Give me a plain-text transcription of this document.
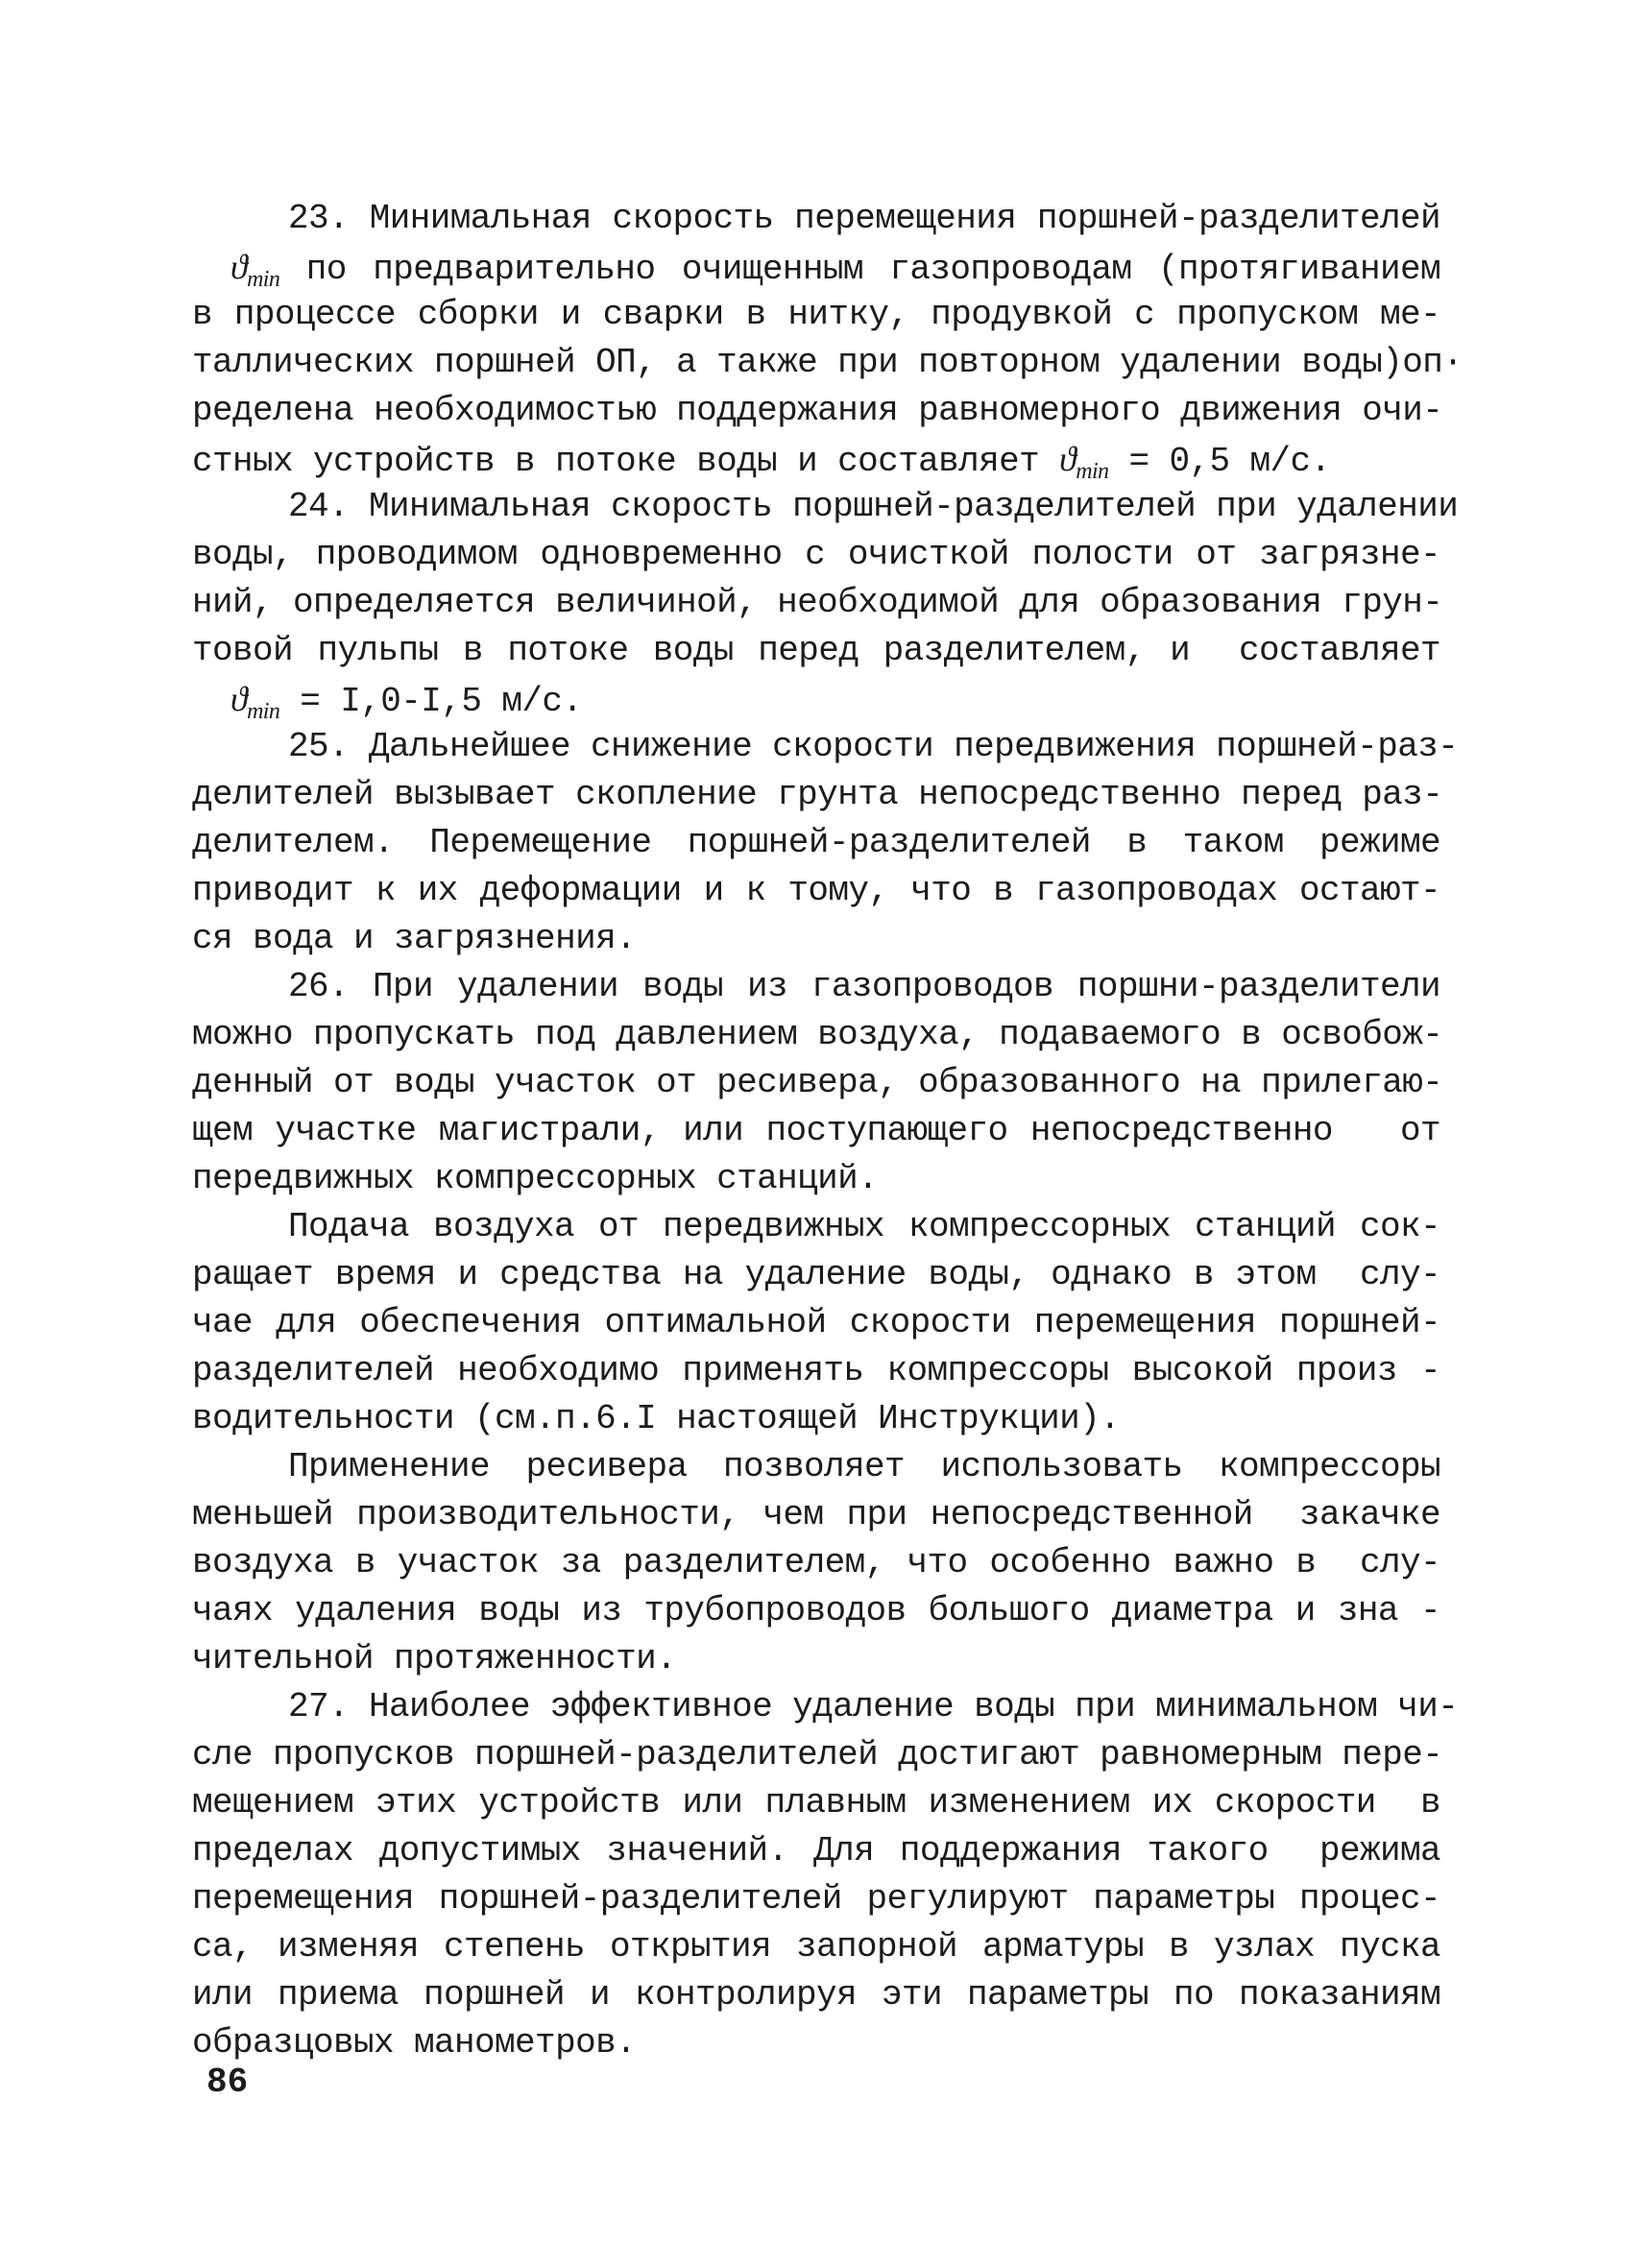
23. Минимальная скорость перемещения поршней-разделителей
$ϑ_{min}$ по предварительно очищенным газопроводам (протягиванием
в процессе сборки и сварки в нитку, продувкой с пропуском ме-
таллических поршней ОП, а также при повторном удалении воды)оп·
ределена необходимостью поддержания равномерного движения очи-
стных устройств в потоке воды и составляет $ϑ_{min} = 0,5$ м/с.
24. Минимальная скорость поршней-разделителей при удалении
воды, проводимом одновременно с очисткой полости от загрязне-
ний, определяется величиной, необходимой для образования грун-
товой пульпы в потоке воды перед разделителем, и  составляет
$ϑ_{min} = I,0-I,5$ м/с.
25. Дальнейшее снижение скорости передвижения поршней-раз-
делителей вызывает скопление грунта непосредственно перед раз-
делителем. Перемещение поршней-разделителей в таком режиме
приводит к их деформации и к тому, что в газопроводах остают-
ся вода и загрязнения.
26. При удалении воды из газопроводов поршни-разделители
можно пропускать под давлением воздуха, подаваемого в освобож-
денный от воды участок от ресивера, образованного на прилегаю-
щем участке магистрали, или поступающего непосредственно   от
передвижных компрессорных станций.
Подача воздуха от передвижных компрессорных станций сок-
ращает время и средства на удаление воды, однако в этом  слу-
чае для обеспечения оптимальной скорости перемещения поршней-
разделителей необходимо применять компрессоры высокой произ -
водительности (см.п.6.I настоящей Инструкции).
Применение ресивера позволяет использовать компрессоры
меньшей производительности, чем при непосредственной  закачке
воздуха в участок за разделителем, что особенно важно в  слу-
чаях удаления воды из трубопроводов большого диаметра и зна -
чительной протяженности.
27. Наиболее эффективное удаление воды при минимальном чи-
сле пропусков поршней-разделителей достигают равномерным пере-
мещением этих устройств или плавным изменением их скорости  в
пределах допустимых значений. Для поддержания такого  режима
перемещения поршней-разделителей регулируют параметры процес-
са, изменяя степень открытия запорной арматуры в узлах пуска
или приема поршней и контролируя эти параметры по показаниям
образцовых манометров.
86
